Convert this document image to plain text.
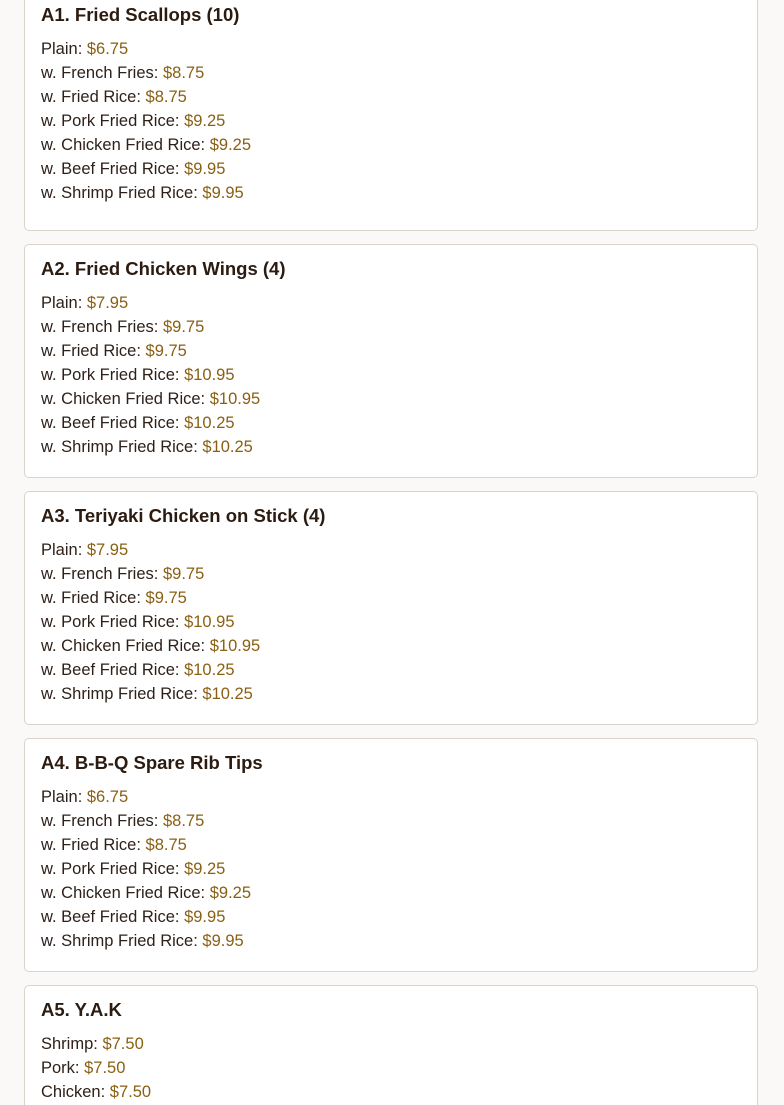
A1. Fried Scallops (10)
Plain: $6.75
w. French Fries: $8.75
w. Fried Rice: $8.75
w. Pork Fried Rice: $9.25
w. Chicken Fried Rice: $9.25
w. Beef Fried Rice: $9.95
w. Shrimp Fried Rice: $9.95
A2. Fried Chicken Wings (4)
Plain: $7.95
w. French Fries: $9.75
w. Fried Rice: $9.75
w. Pork Fried Rice: $10.95
w. Chicken Fried Rice: $10.95
w. Beef Fried Rice: $10.25
w. Shrimp Fried Rice: $10.25
A3. Teriyaki Chicken on Stick (4)
Plain: $7.95
w. French Fries: $9.75
w. Fried Rice: $9.75
w. Pork Fried Rice: $10.95
w. Chicken Fried Rice: $10.95
w. Beef Fried Rice: $10.25
w. Shrimp Fried Rice: $10.25
A4. B-B-Q Spare Rib Tips
Plain: $6.75
w. French Fries: $8.75
w. Fried Rice: $8.75
w. Pork Fried Rice: $9.25
w. Chicken Fried Rice: $9.25
w. Beef Fried Rice: $9.95
w. Shrimp Fried Rice: $9.95
A5. Y.A.K
Shrimp: $7.50
Pork: $7.50
Chicken: $7.50
